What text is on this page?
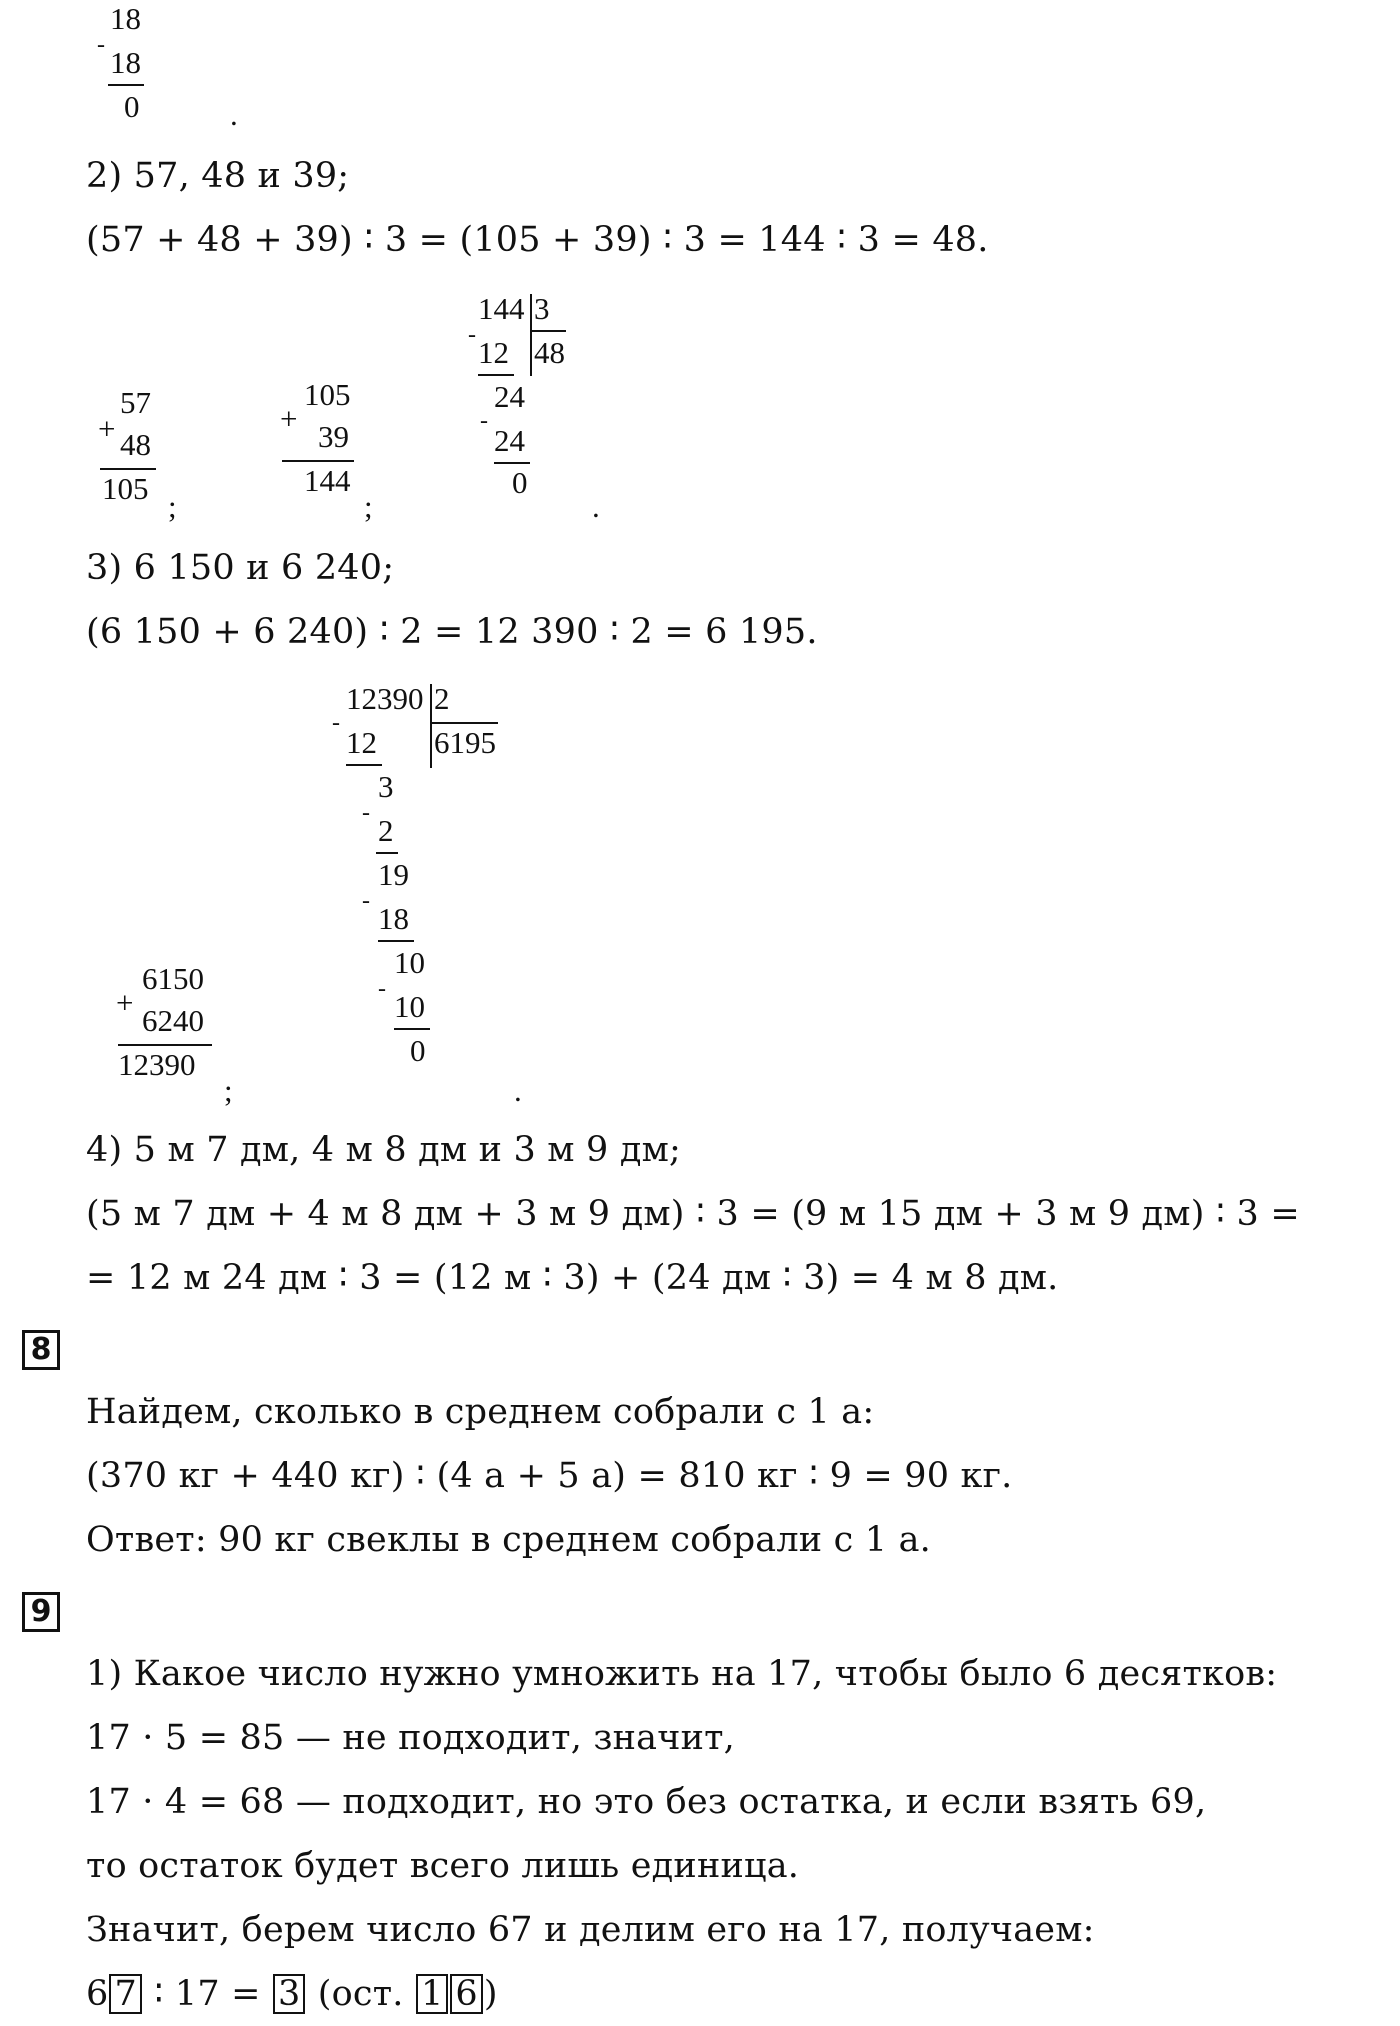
18
- 18
0	.
2) 57, 48 и 39;
(57 + 48 + 39) ∶ 3 = (105 + 39) ∶ 3 = 144 ∶ 3 = 48.
+
57
48
105
;
+
105
39
144
;
144 3
48
- 12
24
-
24
0
.
3) 6 150 и 6 240;
(6 150 + 6 240) ∶ 2 = 12 390 ∶ 2 = 6 195.
12390 2
6195
-
12
3
- 2
19
- 18
10
- 10
0
+
6150
6240
12390
;	.
4) 5 м 7 дм, 4 м 8 дм и 3 м 9 дм;
(5 м 7 дм + 4 м 8 дм + 3 м 9 дм) ∶ 3 = (9 м 15 дм + 3 м 9 дм) ∶ 3 =
= 12 м 24 дм ∶ 3 = (12 м ∶ 3) + (24 дм ∶ 3) = 4 м 8 дм.
8
Найдем, сколько в среднем собрали с 1 а:
(370 кг + 440 кг) ∶ (4 а + 5 а) = 810 кг ∶ 9 = 90 кг.
Ответ: 90 кг свеклы в среднем собрали с 1 а.
9
1) Какое число нужно умножить на 17, чтобы было 6 десятков:
17 · 5 = 85 — не подходит, значит,
17 · 4 = 68 — подходит, но это без остатка, и если взять 69,
то остаток будет всего лишь единица.
Значит, берем число 67 и делим его на 17, получаем:
6 7 ∶ 17 = 3 (ост. 1 6 )
